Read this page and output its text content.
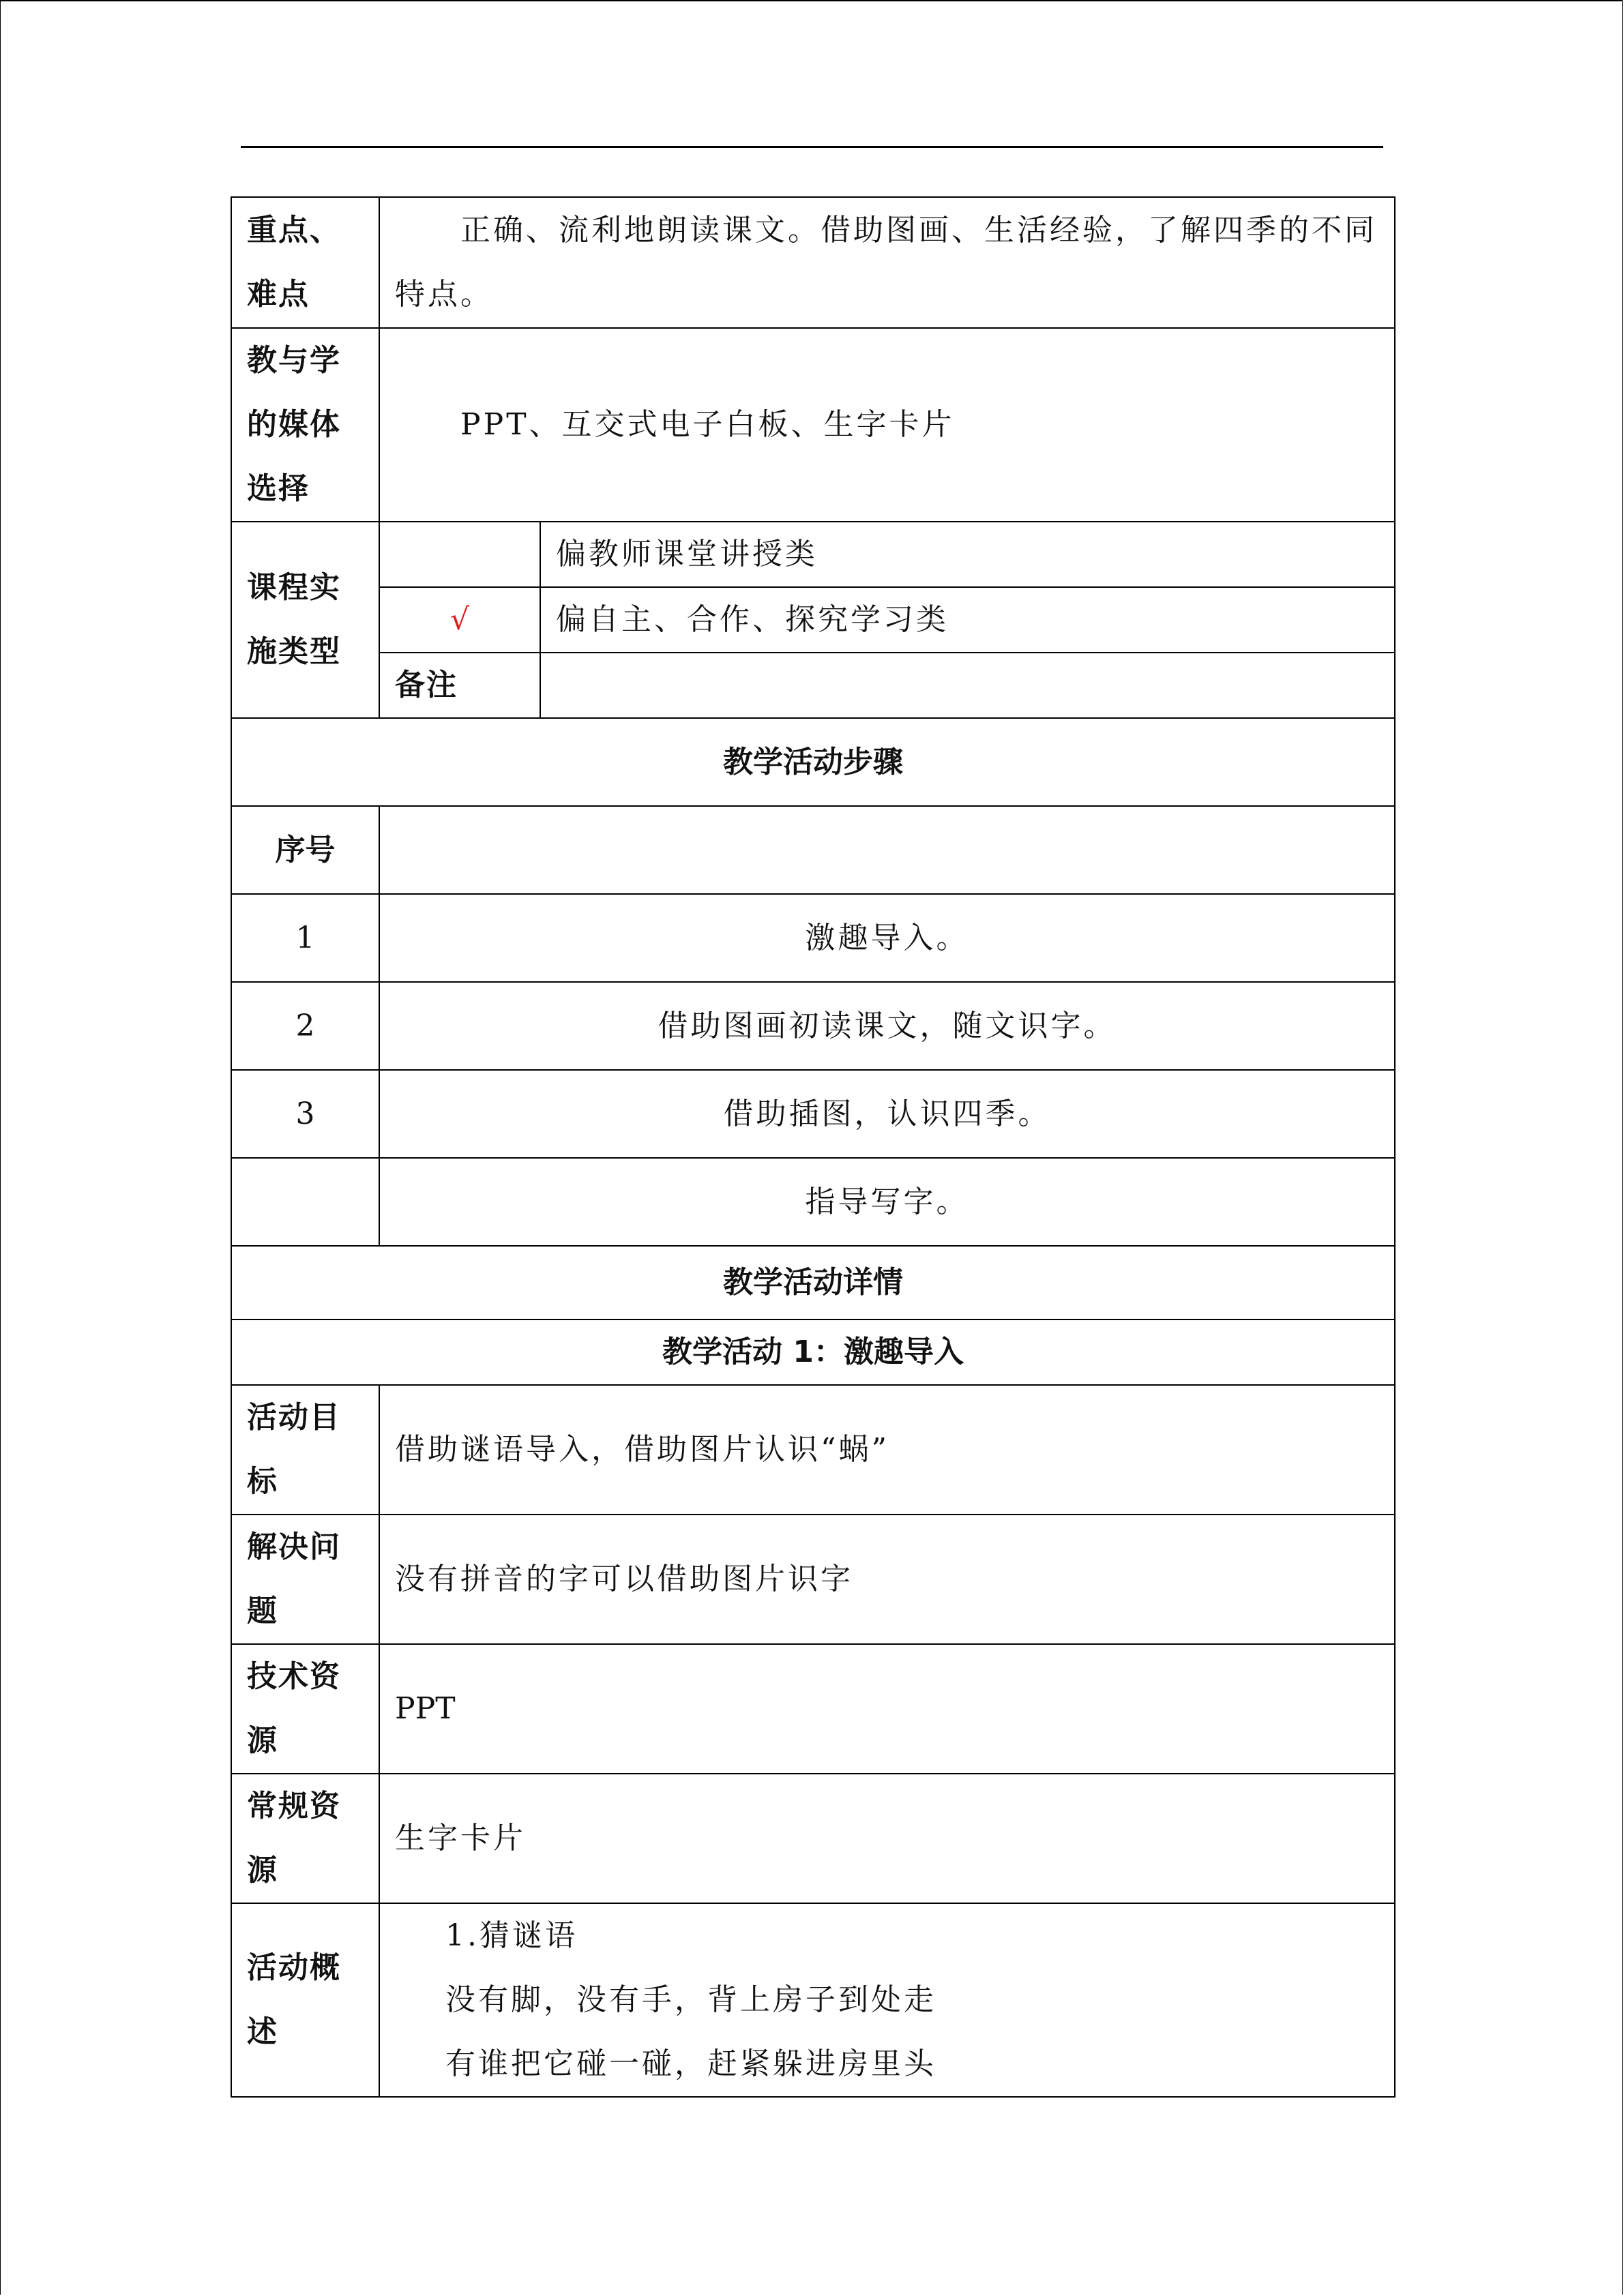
重点、难点	正确、流利地朗读课文。借助图画、生活经验，了解四季的不同特点。	
教与学的媒体选择	PPT、互交式电子白板、生字卡片	
课程实施类型		偏教师课堂讲授类
	√	偏自主、合作、探究学习类
	备注	
教学活动步骤		
序号		
1	激趣导入。	
2	借助图画初读课文，随文识字。	
3	借助插图，认识四季。	
	指导写字。	
教学活动详情		
教学活动 1：激趣导入		
活动目标	借助谜语导入，借助图片认识“蜗”	
解决问题	没有拼音的字可以借助图片识字	
技术资源	PPT	
常规资源	生字卡片	
活动概述	1.猜谜语
没有脚，没有手，背上房子到处走
有谁把它碰一碰，赶紧躲进房里头	
